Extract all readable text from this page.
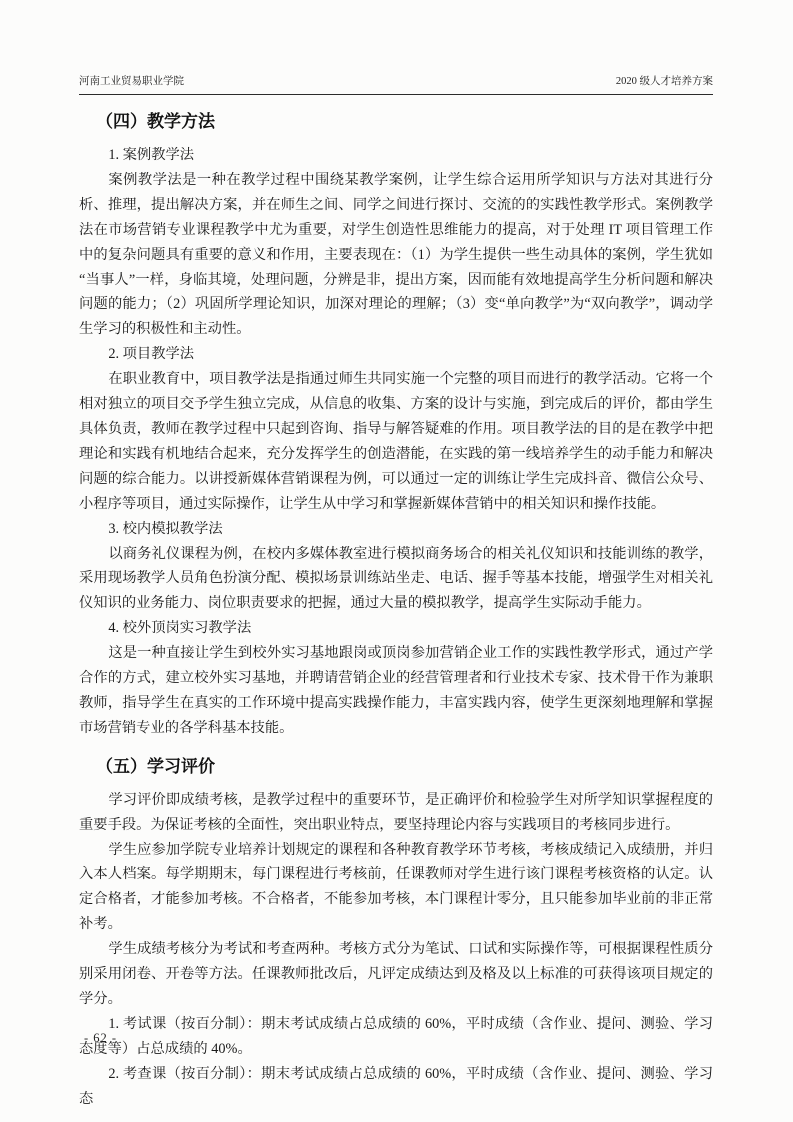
河南工业贸易职业学院	2020 级人才培养方案
（四）教学方法

1. 案例教学法

案例教学法是一种在教学过程中围绕某教学案例，让学生综合运用所学知识与方法对其进行分析、推理，提出解决方案，并在师生之间、同学之间进行探讨、交流的的实践性教学形式。案例教学法在市场营销专业课程教学中尤为重要，对学生创造性思维能力的提高，对于处理 IT 项目管理工作中的复杂问题具有重要的意义和作用，主要表现在：（1）为学生提供一些生动具体的案例，学生犹如“当事人”一样，身临其境，处理问题，分辨是非，提出方案，因而能有效地提高学生分析问题和解决问题的能力；（2）巩固所学理论知识，加深对理论的理解；（3）变“单向教学”为“双向教学”，调动学生学习的积极性和主动性。

2. 项目教学法

在职业教育中，项目教学法是指通过师生共同实施一个完整的项目而进行的教学活动。它将一个相对独立的项目交予学生独立完成，从信息的收集、方案的设计与实施，到完成后的评价，都由学生具体负责，教师在教学过程中只起到咨询、指导与解答疑难的作用。项目教学法的目的是在教学中把理论和实践有机地结合起来，充分发挥学生的创造潜能，在实践的第一线培养学生的动手能力和解决问题的综合能力。以讲授新媒体营销课程为例，可以通过一定的训练让学生完成抖音、微信公众号、小程序等项目，通过实际操作，让学生从中学习和掌握新媒体营销中的相关知识和操作技能。

3. 校内模拟教学法

以商务礼仪课程为例，在校内多媒体教室进行模拟商务场合的相关礼仪知识和技能训练的教学，采用现场教学人员角色扮演分配、模拟场景训练站坐走、电话、握手等基本技能，增强学生对相关礼仪知识的业务能力、岗位职责要求的把握，通过大量的模拟教学，提高学生实际动手能力。

4. 校外顶岗实习教学法

这是一种直接让学生到校外实习基地跟岗或顶岗参加营销企业工作的实践性教学形式，通过产学合作的方式，建立校外实习基地，并聘请营销企业的经营管理者和行业技术专家、技术骨干作为兼职教师，指导学生在真实的工作环境中提高实践操作能力，丰富实践内容，使学生更深刻地理解和掌握市场营销专业的各学科基本技能。

（五）学习评价

学习评价即成绩考核，是教学过程中的重要环节，是正确评价和检验学生对所学知识掌握程度的重要手段。为保证考核的全面性，突出职业特点，要坚持理论内容与实践项目的考核同步进行。

学生应参加学院专业培养计划规定的课程和各种教育教学环节考核，考核成绩记入成绩册，并归入本人档案。每学期期末，每门课程进行考核前，任课教师对学生进行该门课程考核资格的认定。认定合格者，才能参加考核。不合格者，不能参加考核，本门课程计零分，且只能参加毕业前的非正常补考。

学生成绩考核分为考试和考查两种。考核方式分为笔试、口试和实际操作等，可根据课程性质分别采用闭卷、开卷等方法。任课教师批改后，凡评定成绩达到及格及以上标准的可获得该项目规定的学分。

1. 考试课（按百分制）：期末考试成绩占总成绩的 60%，平时成绩（含作业、提问、测验、学习态度等）占总成绩的 40%。

2. 考查课（按百分制）：期末考试成绩占总成绩的 60%，平时成绩（含作业、提问、测验、学习态

- 62 -
